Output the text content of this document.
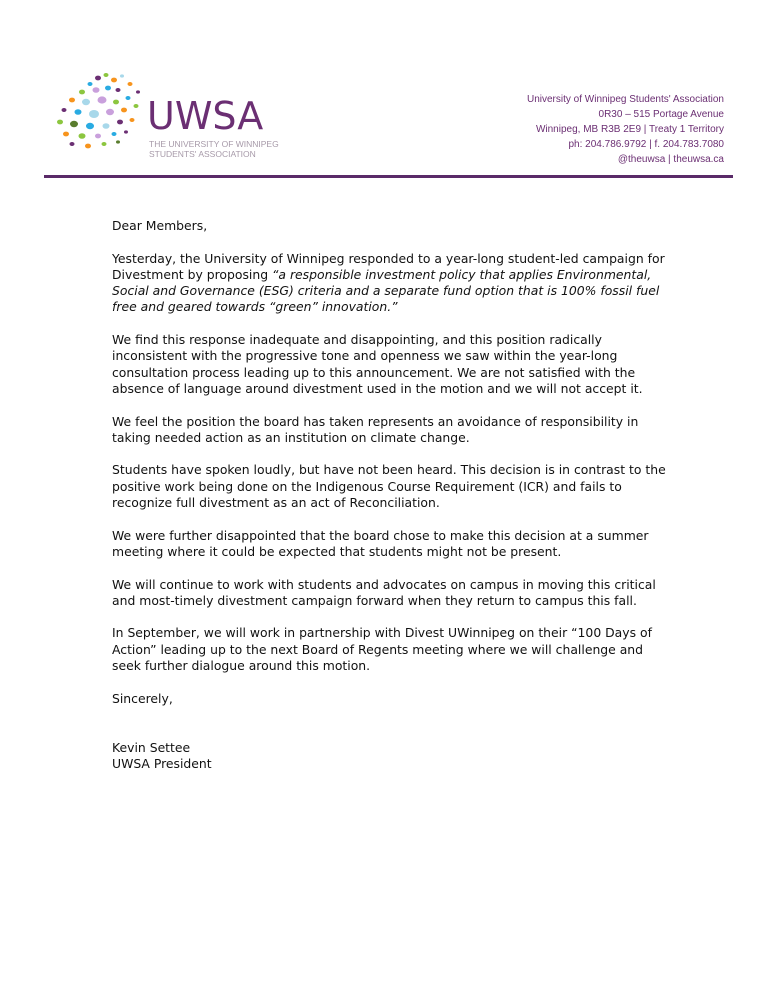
UWSA
THE UNIVERSITY OF WINNIPEG
STUDENTS' ASSOCIATION
University of Winnipeg Students' Association
0R30 – 515 Portage Avenue
Winnipeg, MB R3B 2E9 | Treaty 1 Territory
ph: 204.786.9792 | f. 204.783.7080
@theuwsa | theuwsa.ca

Dear Members,

Yesterday, the University of Winnipeg responded to a year-long student-led campaign for Divestment by proposing “a responsible investment policy that applies Environmental, Social and Governance (ESG) criteria and a separate fund option that is 100% fossil fuel free and geared towards “green” innovation.”

We find this response inadequate and disappointing, and this position radically inconsistent with the progressive tone and openness we saw within the year-long consultation process leading up to this announcement. We are not satisfied with the absence of language around divestment used in the motion and we will not accept it.

We feel the position the board has taken represents an avoidance of responsibility in taking needed action as an institution on climate change.

Students have spoken loudly, but have not been heard. This decision is in contrast to the positive work being done on the Indigenous Course Requirement (ICR) and fails to recognize full divestment as an act of Reconciliation.

We were further disappointed that the board chose to make this decision at a summer meeting where it could be expected that students might not be present.

We will continue to work with students and advocates on campus in moving this critical and most-timely divestment campaign forward when they return to campus this fall.

In September, we will work in partnership with Divest UWinnipeg on their “100 Days of Action” leading up to the next Board of Regents meeting where we will challenge and seek further dialogue around this motion.

Sincerely,

Kevin Settee
UWSA President
